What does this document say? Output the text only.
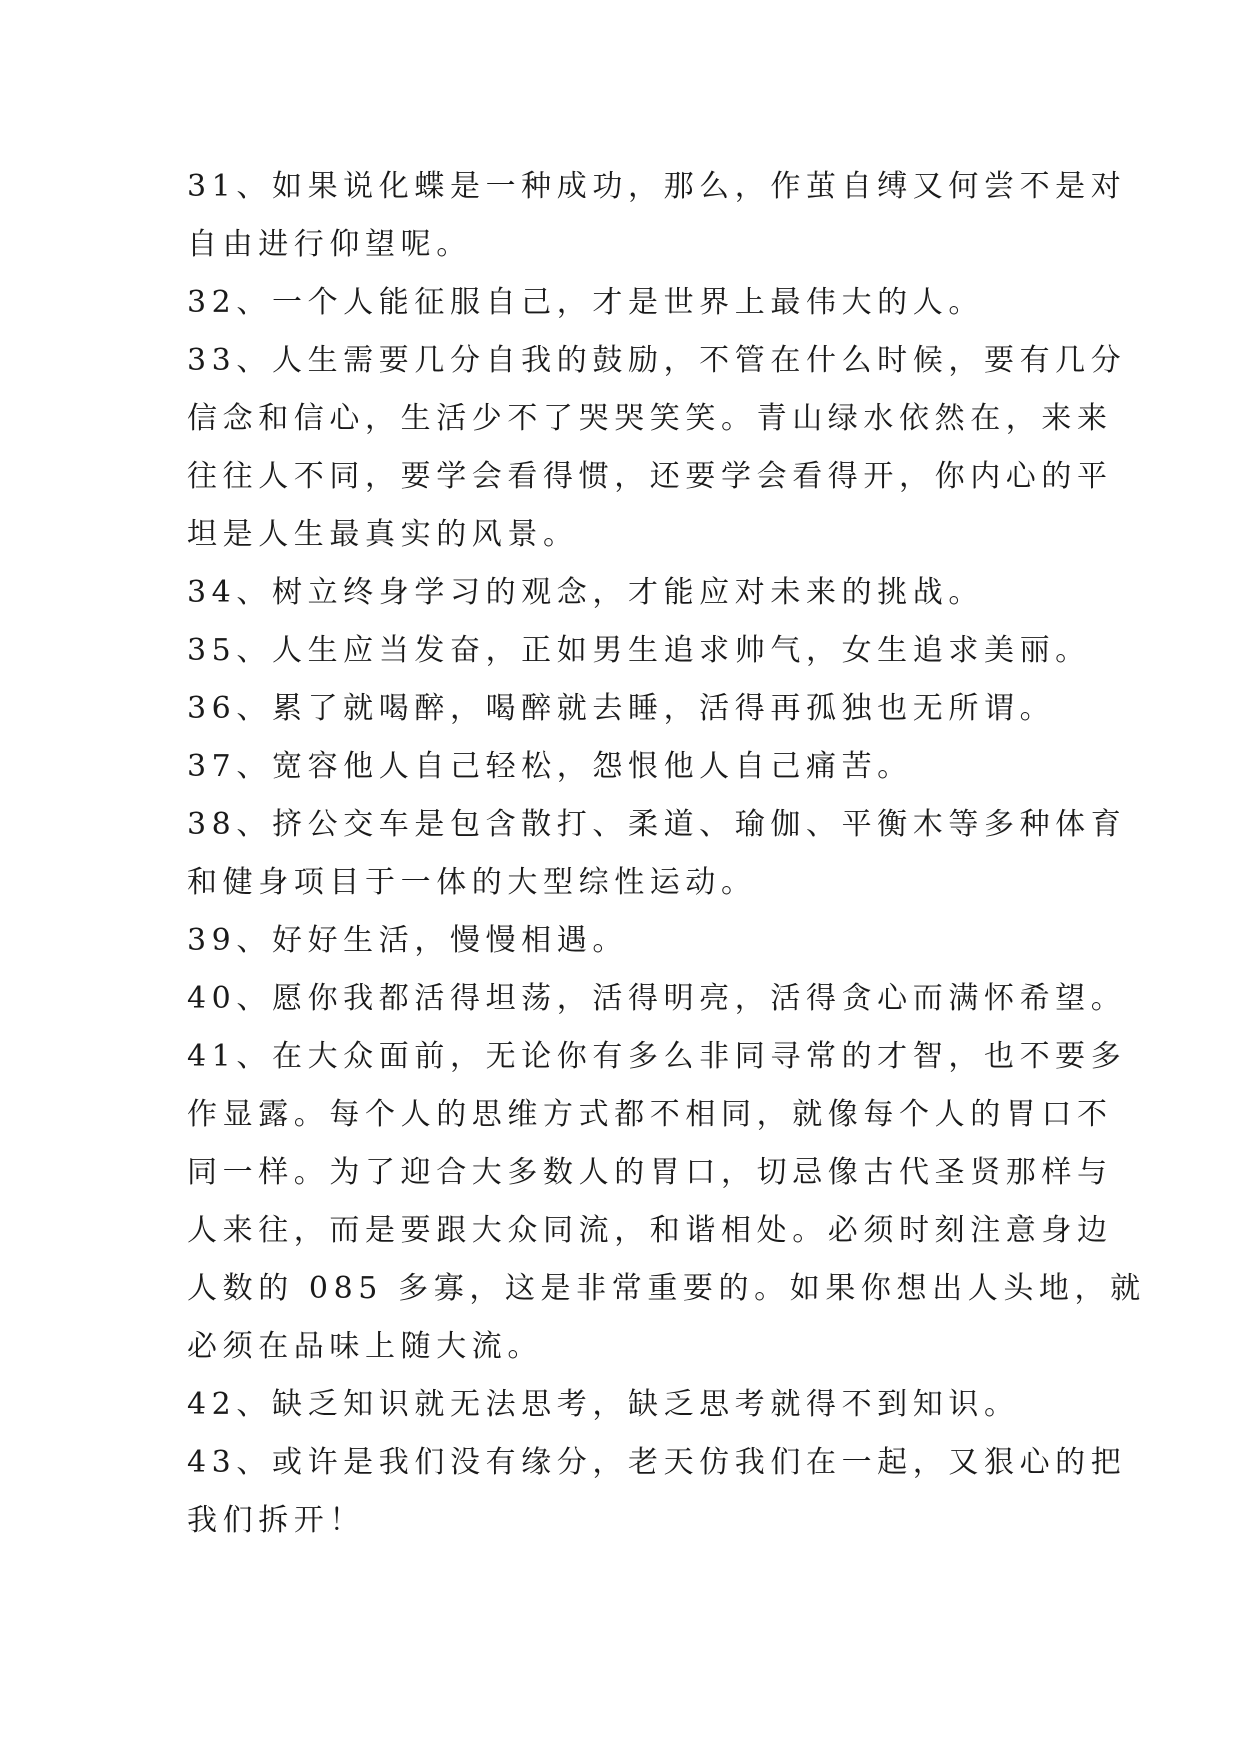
31、如果说化蝶是一种成功，那么，作茧自缚又何尝不是对
自由进行仰望呢。
32、一个人能征服自己，才是世界上最伟大的人。
33、人生需要几分自我的鼓励，不管在什么时候，要有几分
信念和信心，生活少不了哭哭笑笑。青山绿水依然在，来来
往往人不同，要学会看得惯，还要学会看得开，你内心的平
坦是人生最真实的风景。
34、树立终身学习的观念，才能应对未来的挑战。
35、人生应当发奋，正如男生追求帅气，女生追求美丽。
36、累了就喝醉，喝醉就去睡，活得再孤独也无所谓。
37、宽容他人自己轻松，怨恨他人自己痛苦。
38、挤公交车是包含散打、柔道、瑜伽、平衡木等多种体育
和健身项目于一体的大型综性运动。
39、好好生活，慢慢相遇。
40、愿你我都活得坦荡，活得明亮，活得贪心而满怀希望。
41、在大众面前，无论你有多么非同寻常的才智，也不要多
作显露。每个人的思维方式都不相同，就像每个人的胃口不
同一样。为了迎合大多数人的胃口，切忌像古代圣贤那样与
人来往，而是要跟大众同流，和谐相处。必须时刻注意身边
人数的 085 多寡，这是非常重要的。如果你想出人头地，就
必须在品味上随大流。
42、缺乏知识就无法思考，缺乏思考就得不到知识。
43、或许是我们没有缘分，老天仿我们在一起，又狠心的把
我们拆开！
